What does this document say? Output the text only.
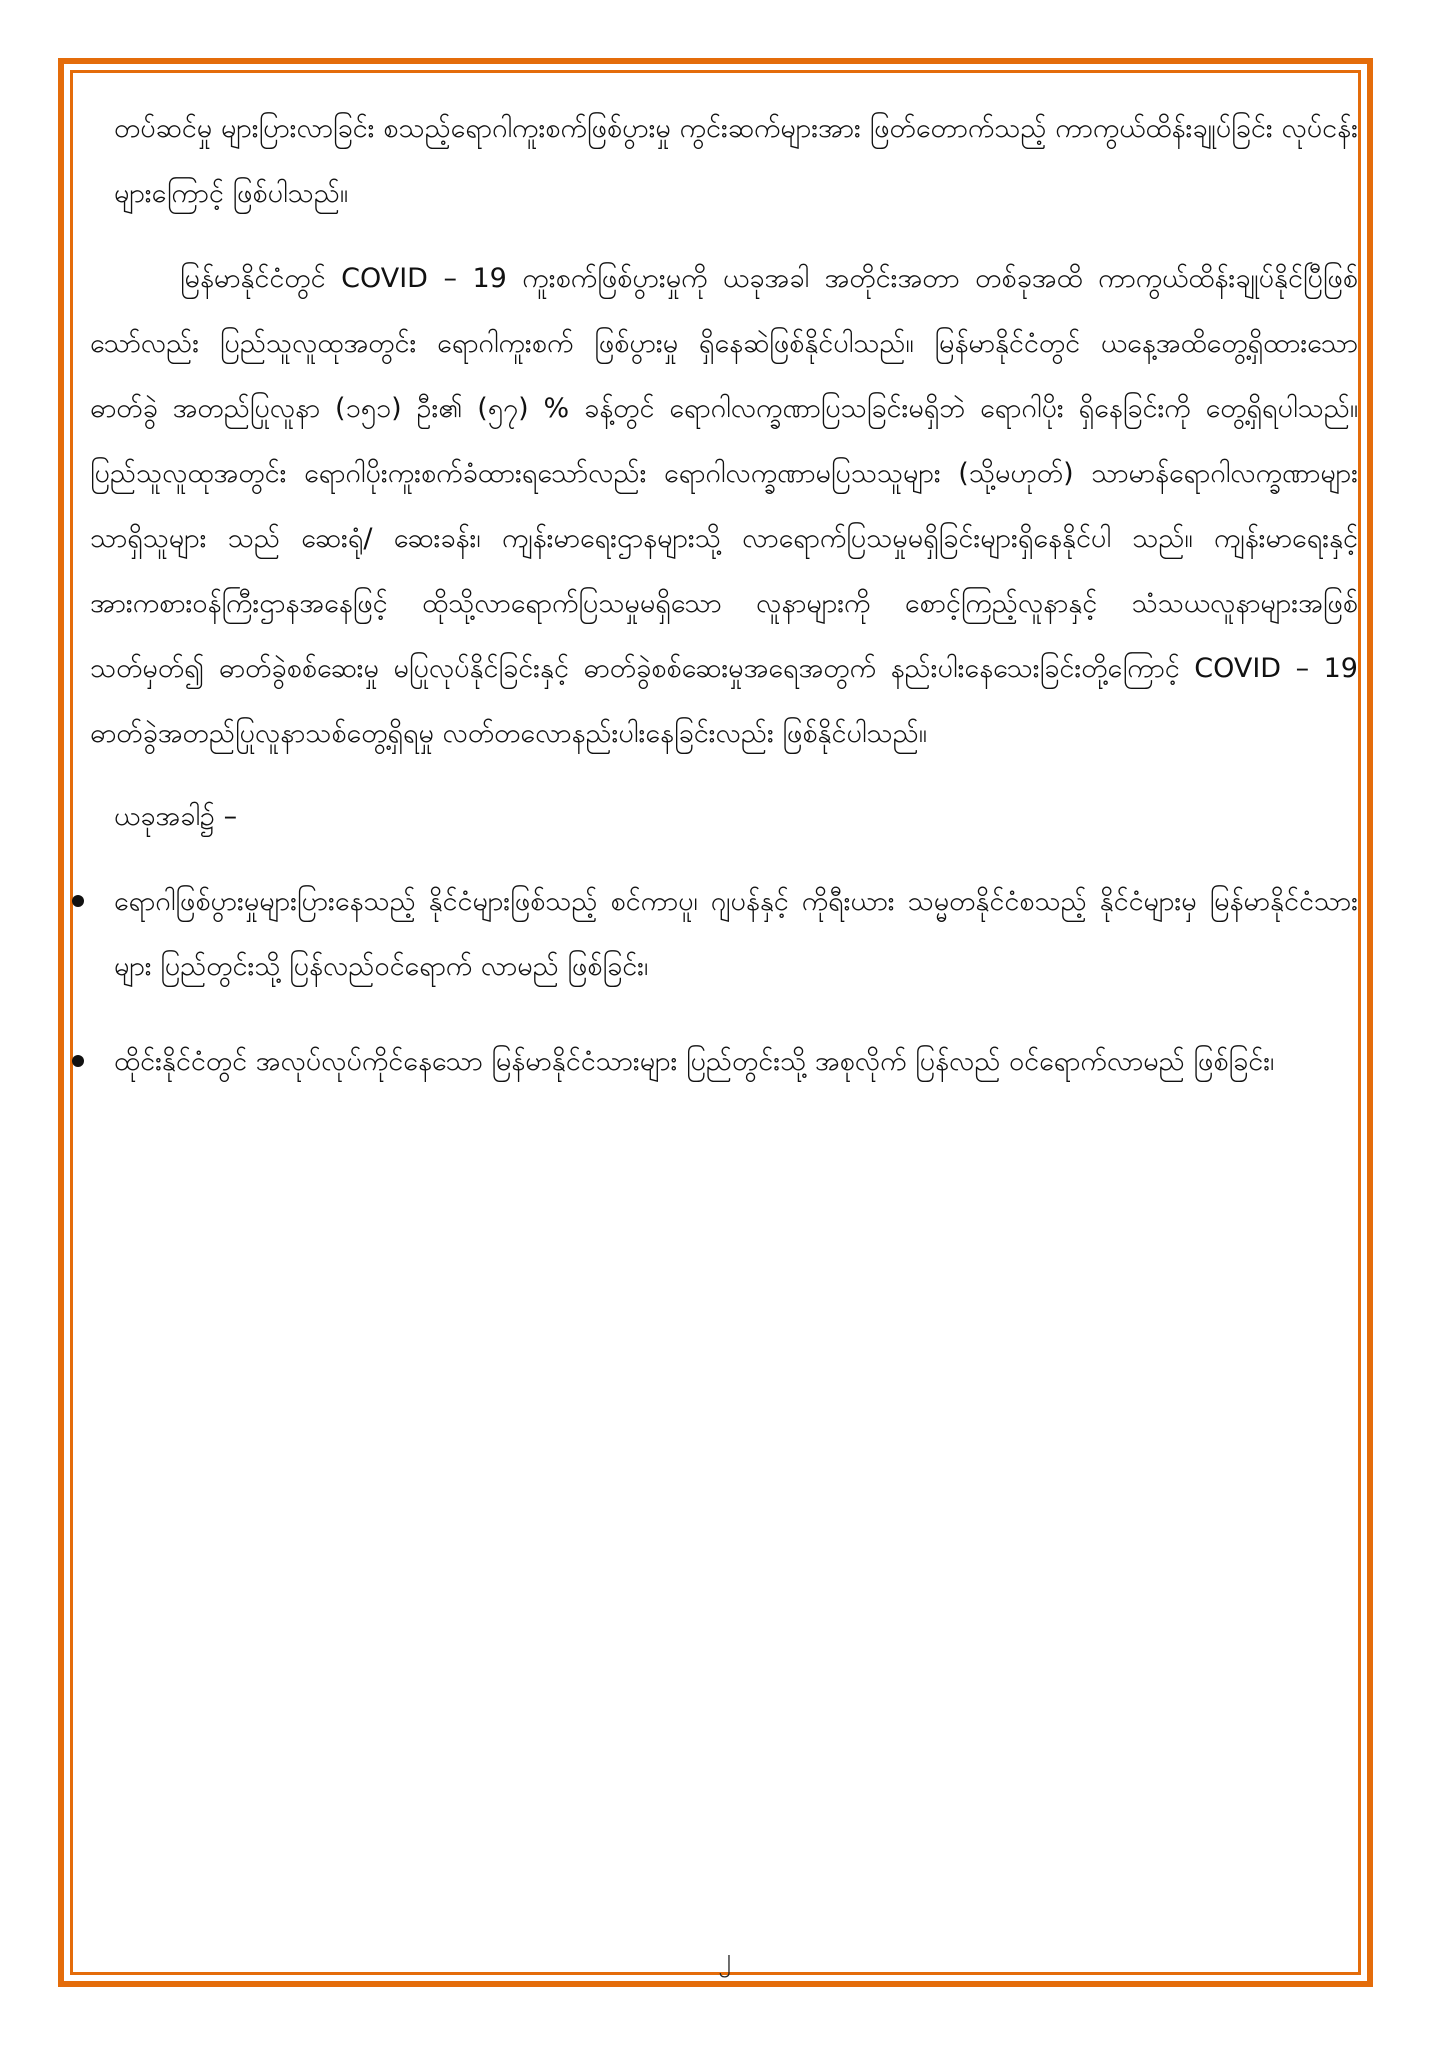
တပ်ဆင်မှု များပြားလာခြင်း စသည့်ရောဂါကူးစက်ဖြစ်ပွားမှု ကွင်းဆက်များအား ဖြတ်တောက်သည့် ကာကွယ်ထိန်းချုပ်ခြင်း လုပ်ငန်းများကြောင့် ဖြစ်ပါသည်။

မြန်မာနိုင်ငံတွင် COVID – 19 ကူးစက်ဖြစ်ပွားမှုကို ယခုအခါ အတိုင်းအတာ တစ်ခုအထိ ကာကွယ်ထိန်းချုပ်နိုင်ပြီဖြစ်သော်လည်း ပြည်သူလူထုအတွင်း ရောဂါကူးစက် ဖြစ်ပွားမှု ရှိနေဆဲဖြစ်နိုင်ပါသည်။ မြန်မာနိုင်ငံတွင် ယနေ့အထိတွေ့ရှိထားသော ဓာတ်ခွဲ အတည်ပြုလူနာ (၁၅၁) ဦး၏ (၅၇) % ခန့်တွင် ရောဂါလက္ခဏာပြသခြင်းမရှိဘဲ ရောဂါပိုး ရှိနေခြင်းကို တွေ့ရှိရပါသည်။ ပြည်သူလူထုအတွင်း ရောဂါပိုးကူးစက်ခံထားရသော်လည်း ရောဂါလက္ခဏာမပြသသူများ (သို့မဟုတ်) သာမာန်ရောဂါလက္ခဏာများသာရှိသူများ သည် ဆေးရုံ/ ဆေးခန်း၊ ကျန်းမာရေးဌာနများသို့ လာရောက်ပြသမှုမရှိခြင်းများရှိနေနိုင်ပါ သည်။ ကျန်းမာရေးနှင့်အားကစားဝန်ကြီးဌာနအနေဖြင့် ထိုသို့လာရောက်ပြသမှုမရှိသော လူနာများကို စောင့်ကြည့်လူနာနှင့် သံသယလူနာများအဖြစ် သတ်မှတ်၍ ဓာတ်ခွဲစစ်ဆေးမှု မပြုလုပ်နိုင်ခြင်းနှင့် ဓာတ်ခွဲစစ်ဆေးမှုအရေအတွက် နည်းပါးနေသေးခြင်းတို့ကြောင့် COVID – 19 ဓာတ်ခွဲအတည်ပြုလူနာသစ်တွေ့ရှိရမှု လတ်တလောနည်းပါးနေခြင်းလည်း ဖြစ်နိုင်ပါသည်။

ယခုအခါ၌ –

ရောဂါဖြစ်ပွားမှုများပြားနေသည့် နိုင်ငံများဖြစ်သည့် စင်ကာပူ၊ ဂျပန်နှင့် ကိုရီးယား သမ္မတနိုင်ငံစသည့် နိုင်ငံများမှ မြန်မာနိုင်ငံသားများ ပြည်တွင်းသို့ ပြန်လည်ဝင်ရောက် လာမည် ဖြစ်ခြင်း၊
ထိုင်းနိုင်ငံတွင် အလုပ်လုပ်ကိုင်နေသော မြန်မာနိုင်ငံသားများ ပြည်တွင်းသို့ အစုလိုက် ပြန်လည် ဝင်ရောက်လာမည် ဖြစ်ခြင်း၊
၂
